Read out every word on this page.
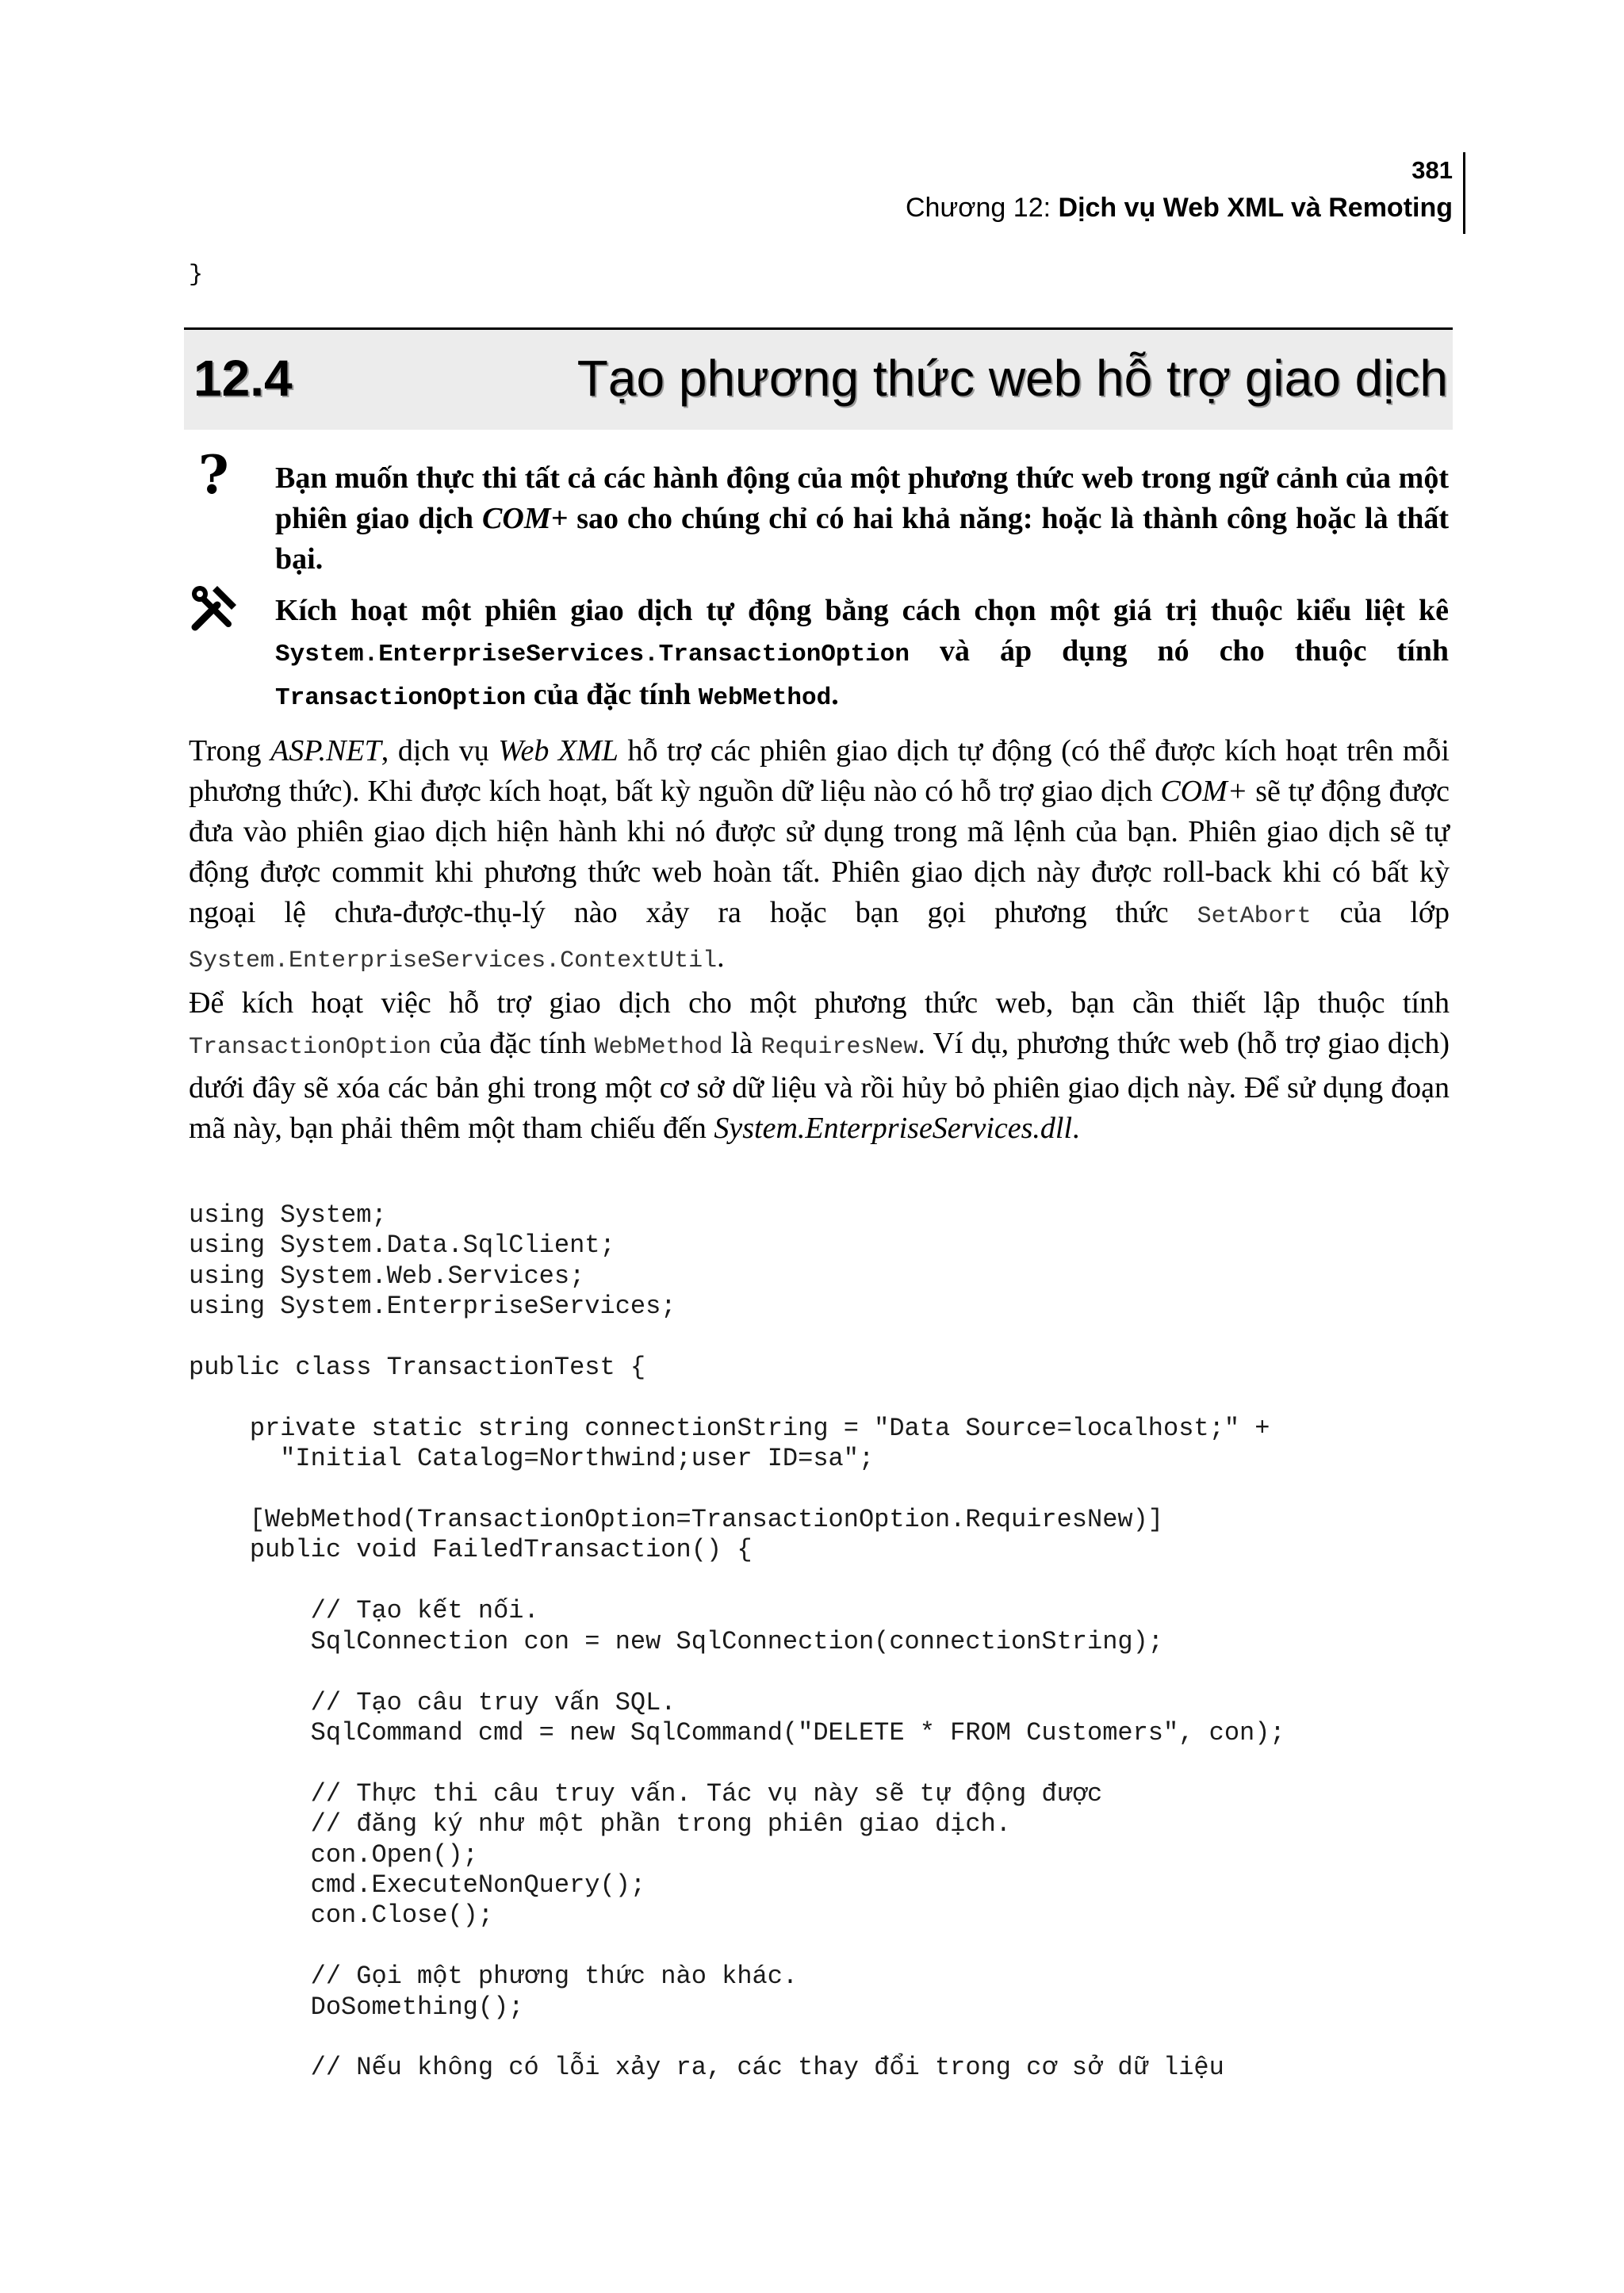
381
Chương 12: Dịch vụ Web XML và Remoting
}
12.4	Tạo phương thức web hỗ trợ giao dịch
? Bạn muốn thực thi tất cả các hành động của một phương thức web trong ngữ cảnh của một phiên giao dịch COM+ sao cho chúng chỉ có hai khả năng: hoặc là thành công hoặc là thất bại.

Kích hoạt một phiên giao dịch tự động bằng cách chọn một giá trị thuộc kiểu liệt kê System.EnterpriseServices.TransactionOption và áp dụng nó cho thuộc tính TransactionOption của đặc tính WebMethod.

Trong ASP.NET, dịch vụ Web XML hỗ trợ các phiên giao dịch tự động (có thể được kích hoạt trên mỗi phương thức). Khi được kích hoạt, bất kỳ nguồn dữ liệu nào có hỗ trợ giao dịch COM+ sẽ tự động được đưa vào phiên giao dịch hiện hành khi nó được sử dụng trong mã lệnh của bạn. Phiên giao dịch sẽ tự động được commit khi phương thức web hoàn tất. Phiên giao dịch này được roll-back khi có bất kỳ ngoại lệ chưa-được-thụ-lý nào xảy ra hoặc bạn gọi phương thức SetAbort của lớp System.EnterpriseServices.ContextUtil.

Để kích hoạt việc hỗ trợ giao dịch cho một phương thức web, bạn cần thiết lập thuộc tính TransactionOption của đặc tính WebMethod là RequiresNew. Ví dụ, phương thức web (hỗ trợ giao dịch) dưới đây sẽ xóa các bản ghi trong một cơ sở dữ liệu và rồi hủy bỏ phiên giao dịch này. Để sử dụng đoạn mã này, bạn phải thêm một tham chiếu đến System.EnterpriseServices.dll.

using System;
using System.Data.SqlClient;
using System.Web.Services;
using System.EnterpriseServices;

public class TransactionTest {

private static string connectionString = "Data Source=localhost;" +
"Initial Catalog=Northwind;user ID=sa";

[WebMethod(TransactionOption=TransactionOption.RequiresNew)]
public void FailedTransaction() {

// Tạo kết nối.
SqlConnection con = new SqlConnection(connectionString);

// Tạo câu truy vấn SQL.
SqlCommand cmd = new SqlCommand("DELETE * FROM Customers", con);

// Thực thi câu truy vấn. Tác vụ này sẽ tự động được
// đăng ký như một phần trong phiên giao dịch.
con.Open();
cmd.ExecuteNonQuery();
con.Close();

// Gọi một phương thức nào khác.
DoSomething();

// Nếu không có lỗi xảy ra, các thay đổi trong cơ sở dữ liệu
